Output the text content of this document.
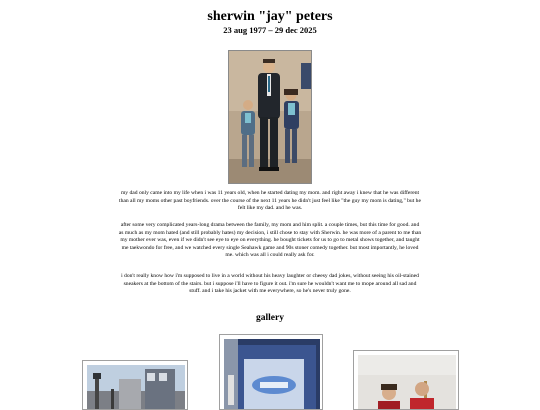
sherwin "jay" peters
23 aug 1977 – 29 dec 2025
my dad only came into my life when i was 11 years old, when he started dating my mom. and right away i knew that he was different than all my moms other past boyfriends. over the course of the next 11 years he didn't just feel like "the guy my mom is dating," but he felt like my dad. and he was.
after some very complicated years-long drama between the family, my mom and him split. a couple times, but this time for good. and as much as my mom hated (and still probably hates) my decision, i still chose to stay with Sherwin. he was more of a parent to me than my mother ever was, even if we didn't see eye to eye on everything. he bought tickets for us to go to metal shows together, and taught me taekwondo for free, and we watched every single Seahawk game and 90s stoner comedy together. but most importantly, he loved me. which was all i could really ask for.
i don't really know how i'm supposed to live in a world without his heavy laughter or cheesy dad jokes, without seeing his oil-stained sneakers at the bottom of the stairs. but i suppose i'll have to figure it out. i'm sure he wouldn't want me to mope around all sad and stuff. and i take his jacket with me everywhere, so he's never truly gone.
gallery
